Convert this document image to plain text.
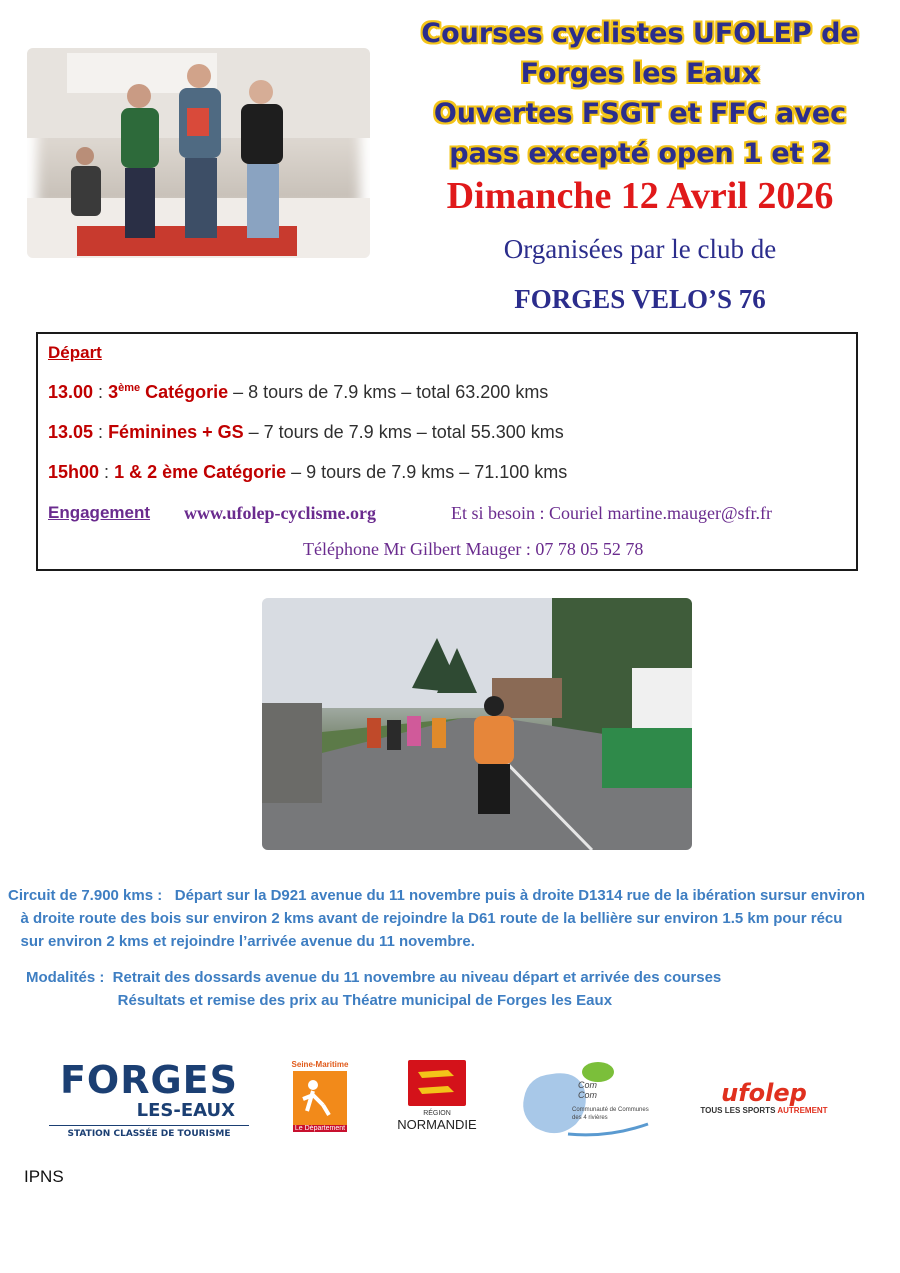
Courses cyclistes UFOLEP de
Forges les Eaux
Ouvertes FSGT et FFC avec
pass excepté open 1 et 2
Dimanche 12 Avril 2026
Organisées par le club de
FORGES VELO’S 76
Départ
13.00 : 3ème Catégorie – 8 tours de 7.9 kms – total 63.200 kms
13.05 : Féminines + GS – 7 tours de 7.9 kms – total 55.300 kms
15h00 : 1 & 2 ème Catégorie – 9 tours de 7.9 kms – 71.100 kms
Engagement www.ufolep-cyclisme.org	Et si besoin : Couriel martine.mauger@sfr.fr
Téléphone Mr Gilbert Mauger : 07 78 05 52 78
Circuit de 7.900 kms :   Départ sur la D921 avenue du 11 novembre puis à droite D1314 rue de la ibération sursur environ
à droite route des bois sur environ 2 kms avant de rejoindre la D61 route de la bellière sur environ 1.5 km pour récu
sur environ 2 kms et rejoindre l’arrivée avenue du 11 novembre.
Modalités :  Retrait des dossards avenue du 11 novembre au niveau départ et arrivée des courses
Résultats et remise des prix au Théatre municipal de Forges les Eaux
FORGES
LES-EAUX
STATION CLASSÉE DE TOURISME
Seine-Maritime
Le Département
RÉGION
NORMANDIE
Com
Com
Communauté de Communes
des 4 rivières
ufolep
TOUS LES SPORTS AUTREMENT
IPNS
